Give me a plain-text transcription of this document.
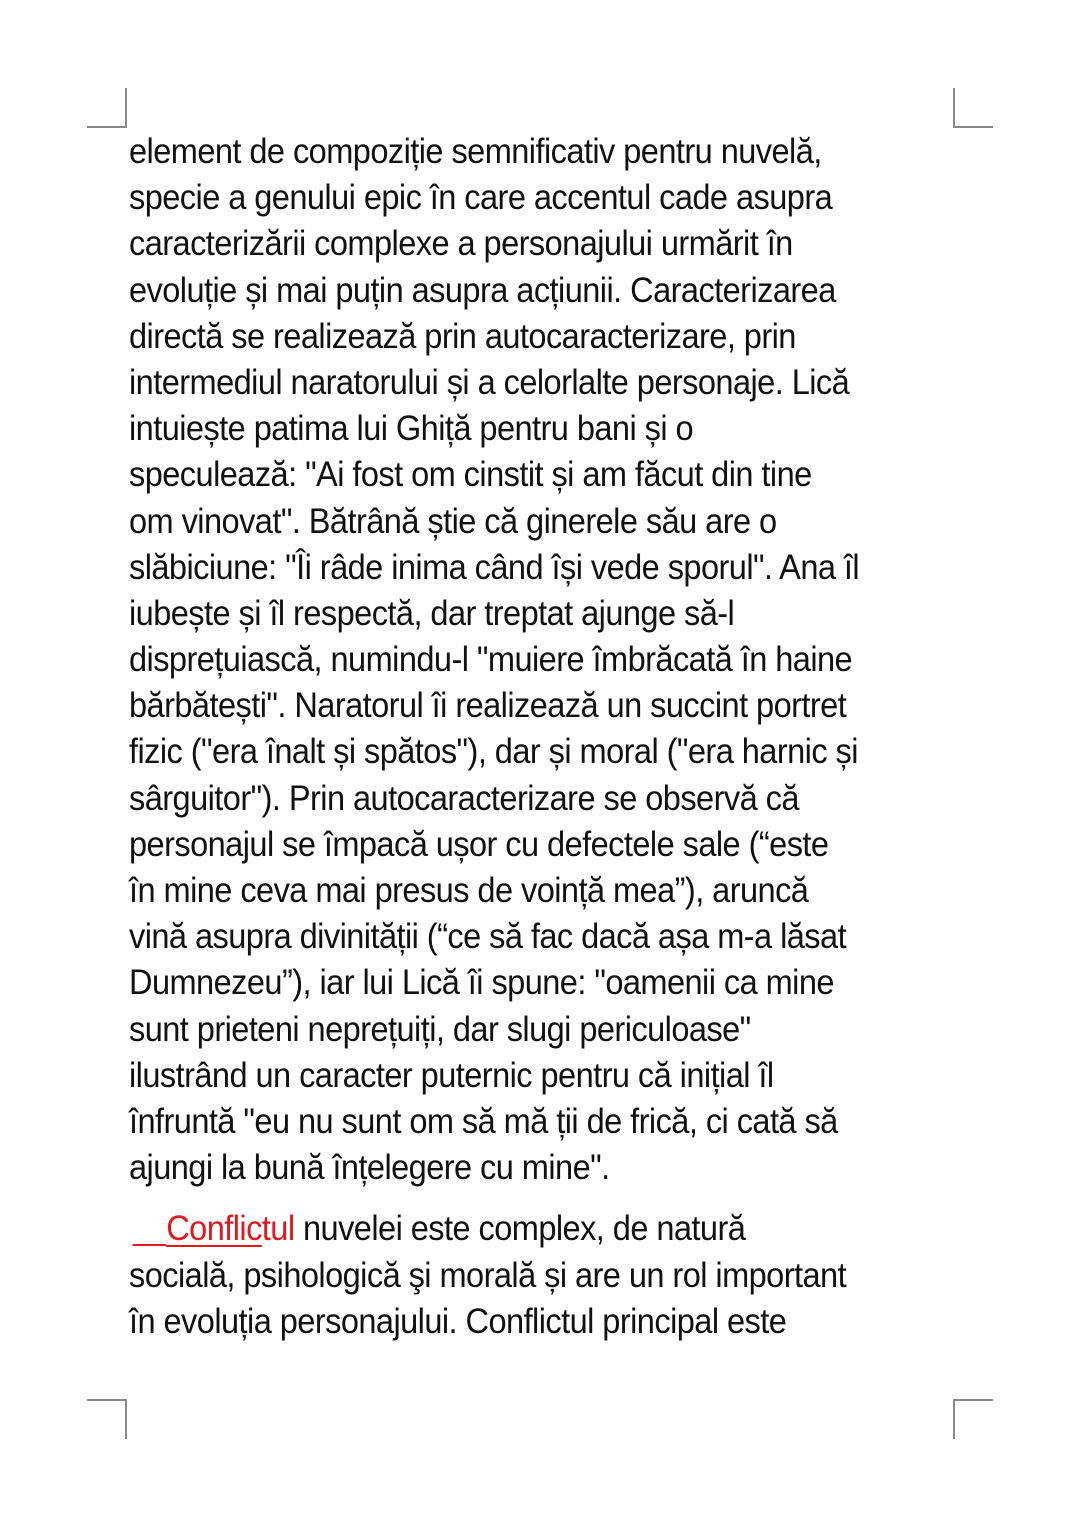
element de compoziție semnificativ pentru nuvelă,
specie a genului epic în care accentul cade asupra
caracterizării complexe a personajului urmărit în
evoluție și mai puțin asupra acțiunii. Caracterizarea
directă se realizează prin autocaracterizare, prin
intermediul naratorului și a celorlalte personaje. Lică
intuiește patima lui Ghiță pentru bani și o
speculează: "Ai fost om cinstit și am făcut din tine
om vinovat". Bătrână știe că ginerele său are o
slăbiciune: "Îi râde inima când își vede sporul". Ana îl
iubește și îl respectă, dar treptat ajunge să-l
disprețuiască, numindu-l "muiere îmbrăcată în haine
bărbătești". Naratorul îi realizează un succint portret
fizic ("era înalt și spătos"), dar și moral ("era harnic și
sârguitor"). Prin autocaracterizare se observă că
personajul se împacă ușor cu defectele sale (“este
în mine ceva mai presus de voință mea”), aruncă
vină asupra divinității (“ce să fac dacă așa m-a lăsat
Dumnezeu”), iar lui Lică îi spune: "oamenii ca mine
sunt prieteni neprețuiți, dar slugi periculoase"
ilustrând un caracter puternic pentru că inițial îl
înfruntă "eu nu sunt om să mă ții de frică, ci cată să
ajungi la bună înțelegere cu mine".

Conflictul nuvelei este complex, de natură
socială, psihologică şi morală și are un rol important
în evoluția personajului. Conflictul principal este
